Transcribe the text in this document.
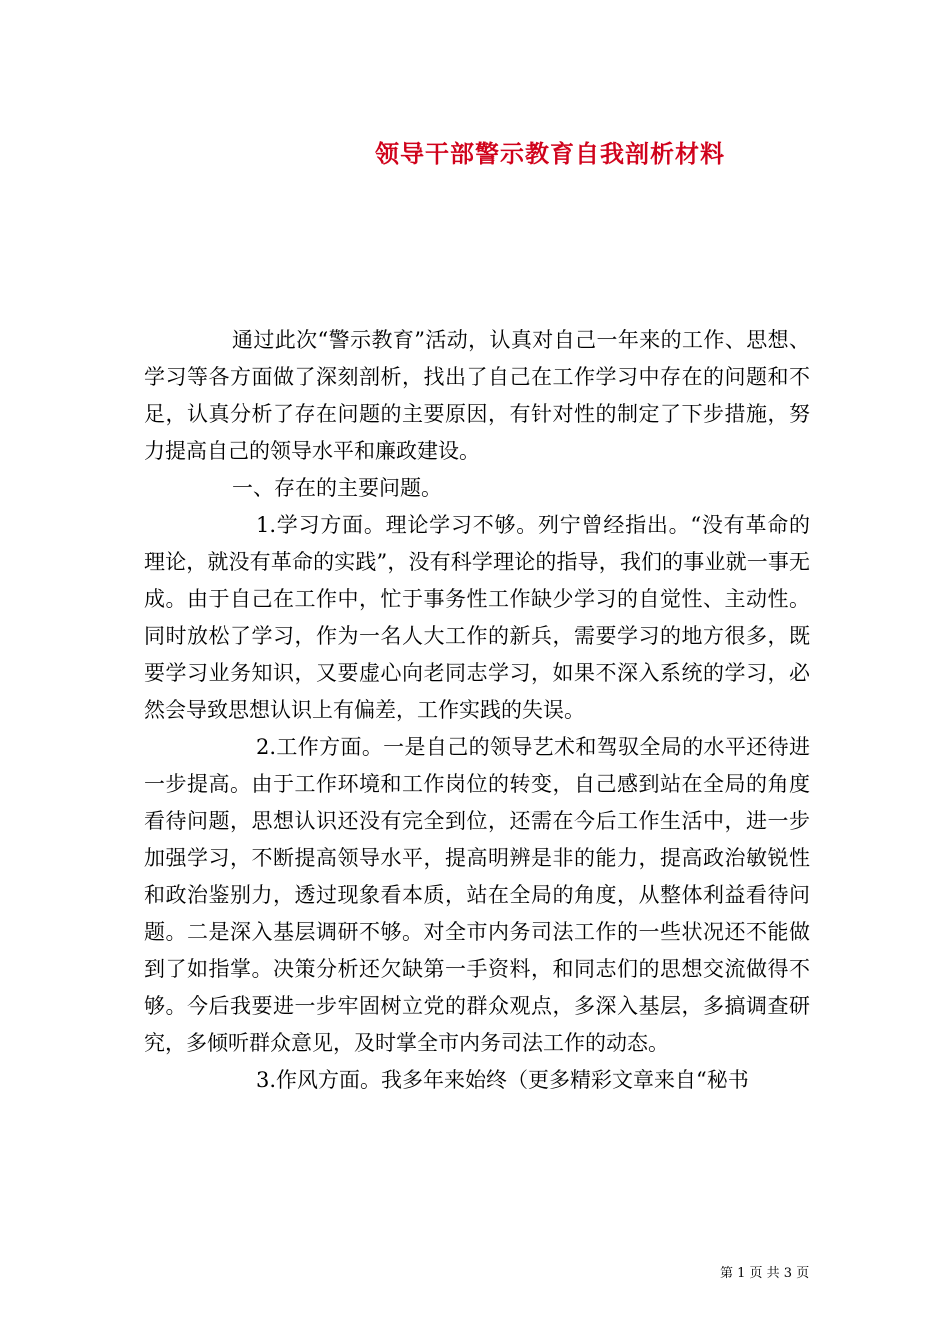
领导干部警示教育自我剖析材料

通过此次“警示教育”活动，认真对自己一年来的工作、思想、学习等各方面做了深刻剖析，找出了自己在工作学习中存在的问题和不足，认真分析了存在问题的主要原因，有针对性的制定了下步措施，努力提高自己的领导水平和廉政建设。

一、存在的主要问题。

1.学习方面。理论学习不够。列宁曾经指出。“没有革命的理论，就没有革命的实践”，没有科学理论的指导，我们的事业就一事无成。由于自己在工作中，忙于事务性工作缺少学习的自觉性、主动性。同时放松了学习，作为一名人大工作的新兵，需要学习的地方很多，既要学习业务知识，又要虚心向老同志学习，如果不深入系统的学习，必然会导致思想认识上有偏差，工作实践的失误。

2.工作方面。一是自己的领导艺术和驾驭全局的水平还待进一步提高。由于工作环境和工作岗位的转变，自己感到站在全局的角度看待问题，思想认识还没有完全到位，还需在今后工作生活中，进一步加强学习，不断提高领导水平，提高明辨是非的能力，提高政治敏锐性和政治鉴别力，透过现象看本质，站在全局的角度，从整体利益看待问题。二是深入基层调研不够。对全市内务司法工作的一些状况还不能做到了如指掌。决策分析还欠缺第一手资料，和同志们的思想交流做得不够。今后我要进一步牢固树立党的群众观点，多深入基层，多搞调查研究，多倾听群众意见，及时掌全市内务司法工作的动态。

3.作风方面。我多年来始终（更多精彩文章来自“秘书

第 1 页 共 3 页
